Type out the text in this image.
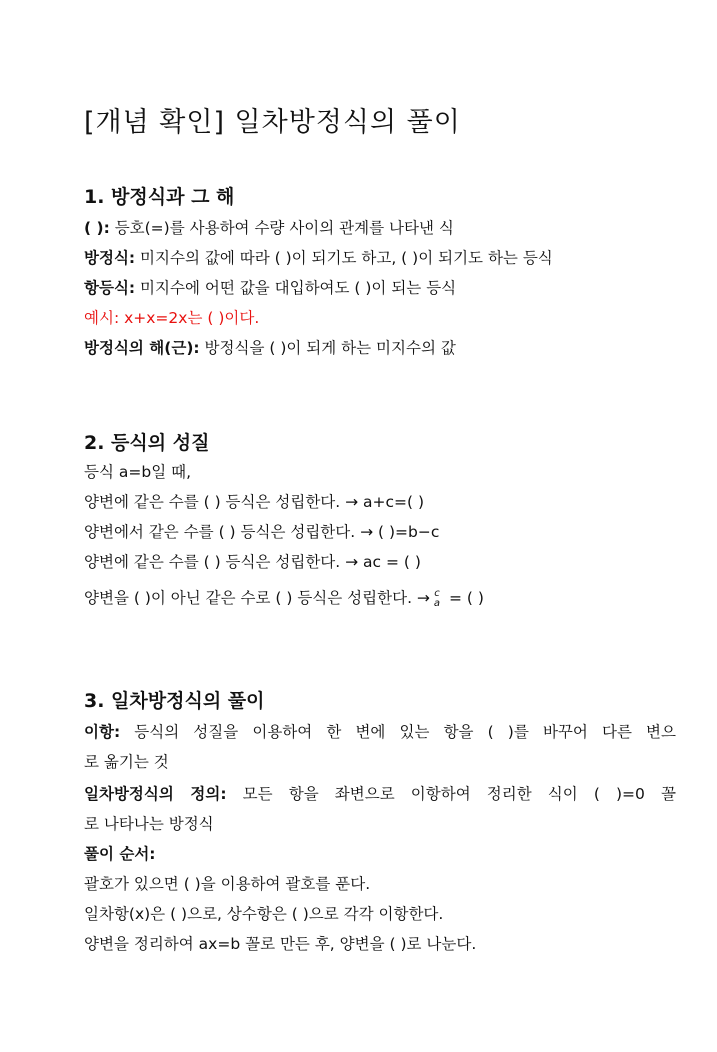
[개념 확인] 일차방정식의 풀이
1. 방정식과 그 해
( ): 등호(=)를 사용하여 수량 사이의 관계를 나타낸 식
방정식: 미지수의 값에 따라 ( )이 되기도 하고, ( )이 되기도 하는 등식
항등식: 미지수에 어떤 값을 대입하여도 ( )이 되는 등식
예시: x+x=2x는 ( )이다.
방정식의 해(근): 방정식을 ( )이 되게 하는 미지수의 값
2. 등식의 성질
등식 a=b일 때,
양변에 같은 수를 ( ) 등식은 성립한다. → a+c=( )
양변에서 같은 수를 ( ) 등식은 성립한다. → ( )=b−c
양변에 같은 수를 ( ) 등식은 성립한다. → ac = ( )
양변을 ( )이 아닌 같은 수로 ( ) 등식은 성립한다. → c
a = ( )
3. 일차방정식의 풀이
이항: 등식의 성질을 이용하여 한 변에 있는 항을 ( )를 바꾸어 다른 변으
로 옮기는 것
일차방정식의 정의: 모든 항을 좌변으로 이항하여 정리한 식이 ( )=0 꼴
로 나타나는 방정식
풀이 순서:
괄호가 있으면 ( )을 이용하여 괄호를 푼다.
일차항(x)은 ( )으로, 상수항은 ( )으로 각각 이항한다.
양변을 정리하여 ax=b 꼴로 만든 후, 양변을 ( )로 나눈다.
